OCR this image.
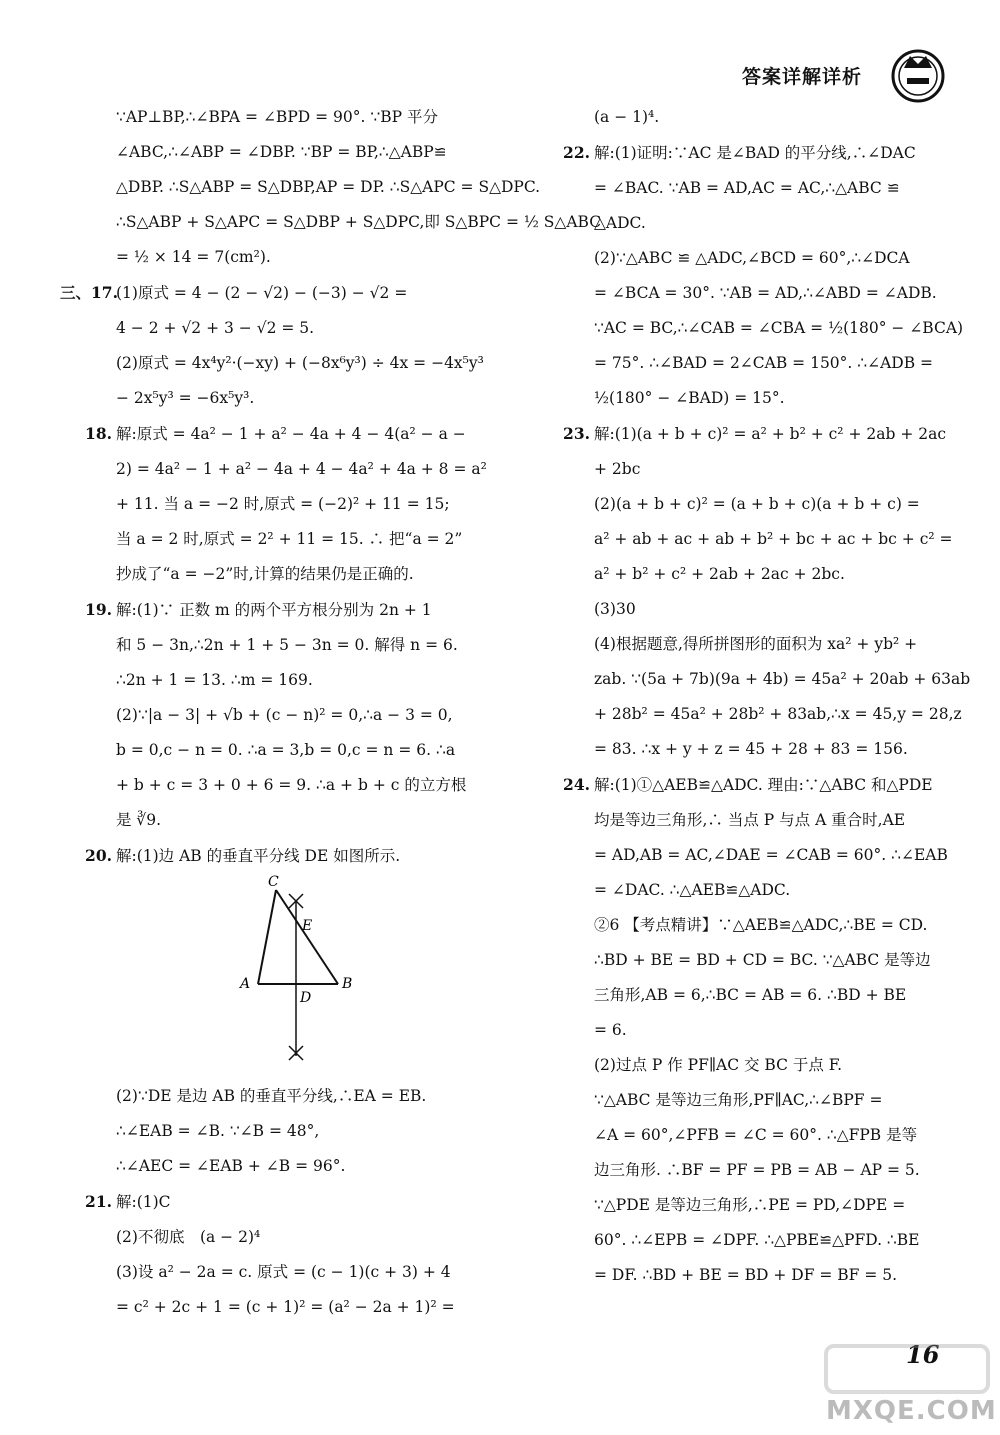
答案详解详析
∵AP⊥BP,∴∠BPA = ∠BPD = 90°. ∵BP 平分
∠ABC,∴∠ABP = ∠DBP. ∵BP = BP,∴△ABP≌
△DBP. ∴S△ABP = S△DBP,AP = DP. ∴S△APC = S△DPC.
∴S△ABP + S△APC = S△DBP + S△DPC,即 S△BPC = ½ S△ABC
= ½ × 14 = 7(cm²).
三、17.(1)原式 = 4 − (2 − √2) − (−3) − √2 =
4 − 2 + √2 + 3 − √2 = 5.
(2)原式 = 4x⁴y²·(−xy) + (−8x⁶y³) ÷ 4x = −4x⁵y³
− 2x⁵y³ = −6x⁵y³.
18. 解:原式 = 4a² − 1 + a² − 4a + 4 − 4(a² − a −
2) = 4a² − 1 + a² − 4a + 4 − 4a² + 4a + 8 = a²
+ 11. 当 a = −2 时,原式 = (−2)² + 11 = 15;
当 a = 2 时,原式 = 2² + 11 = 15. ∴ 把“a = 2”
抄成了“a = −2”时,计算的结果仍是正确的.
19. 解:(1)∵ 正数 m 的两个平方根分别为 2n + 1
和 5 − 3n,∴2n + 1 + 5 − 3n = 0. 解得 n = 6.
∴2n + 1 = 13. ∴m = 169.
(2)∵|a − 3| + √b + (c − n)² = 0,∴a − 3 = 0,
b = 0,c − n = 0. ∴a = 3,b = 0,c = n = 6. ∴a
+ b + c = 3 + 0 + 6 = 9. ∴a + b + c 的立方根
是 ∛9.
20. 解:(1)边 AB 的垂直平分线 DE 如图所示.
C
E
A	B
D
(2)∵DE 是边 AB 的垂直平分线,∴EA = EB.
∴∠EAB = ∠B. ∵∠B = 48°,
∴∠AEC = ∠EAB + ∠B = 96°.
21. 解:(1)C
(2)不彻底　(a − 2)⁴
(3)设 a² − 2a = c. 原式 = (c − 1)(c + 3) + 4
= c² + 2c + 1 = (c + 1)² = (a² − 2a + 1)² =
(a − 1)⁴.
22. 解:(1)证明:∵AC 是∠BAD 的平分线,∴∠DAC
= ∠BAC. ∵AB = AD,AC = AC,∴△ABC ≌
△ADC.
(2)∵△ABC ≌ △ADC,∠BCD = 60°,∴∠DCA
= ∠BCA = 30°. ∵AB = AD,∴∠ABD = ∠ADB.
∵AC = BC,∴∠CAB = ∠CBA = ½(180° − ∠BCA)
= 75°. ∴∠BAD = 2∠CAB = 150°. ∴∠ADB =
½(180° − ∠BAD) = 15°.
23. 解:(1)(a + b + c)² = a² + b² + c² + 2ab + 2ac
+ 2bc
(2)(a + b + c)² = (a + b + c)(a + b + c) =
a² + ab + ac + ab + b² + bc + ac + bc + c² =
a² + b² + c² + 2ab + 2ac + 2bc.
(3)30
(4)根据题意,得所拼图形的面积为 xa² + yb² +
zab. ∵(5a + 7b)(9a + 4b) = 45a² + 20ab + 63ab
+ 28b² = 45a² + 28b² + 83ab,∴x = 45,y = 28,z
= 83. ∴x + y + z = 45 + 28 + 83 = 156.
24. 解:(1)①△AEB≌△ADC. 理由:∵△ABC 和△PDE
均是等边三角形,∴ 当点 P 与点 A 重合时,AE
= AD,AB = AC,∠DAE = ∠CAB = 60°. ∴∠EAB
= ∠DAC. ∴△AEB≌△ADC.
②6 【考点精讲】∵△AEB≌△ADC,∴BE = CD.
∴BD + BE = BD + CD = BC. ∵△ABC 是等边
三角形,AB = 6,∴BC = AB = 6. ∴BD + BE
= 6.
(2)过点 P 作 PF∥AC 交 BC 于点 F.
∵△ABC 是等边三角形,PF∥AC,∴∠BPF =
∠A = 60°,∠PFB = ∠C = 60°. ∴△FPB 是等
边三角形. ∴BF = PF = PB = AB − AP = 5.
∵△PDE 是等边三角形,∴PE = PD,∠DPE =
60°. ∴∠EPB = ∠DPF. ∴△PBE≌△PFD. ∴BE
= DF. ∴BD + BE = BD + DF = BF = 5.
16
MXQE.COM
